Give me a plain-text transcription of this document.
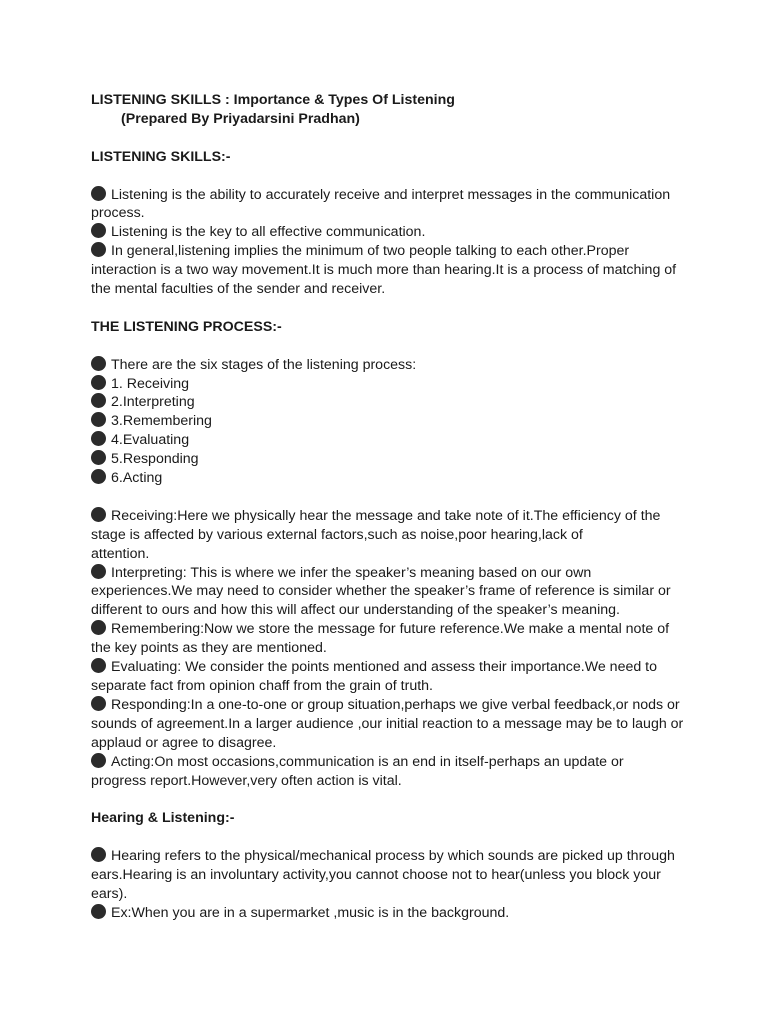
LISTENING SKILLS : Importance & Types Of Listening
(Prepared By Priyadarsini Pradhan)
LISTENING SKILLS:-
Listening is the ability to accurately receive and interpret messages in the communication
process.
Listening is the key to all effective communication.
In general,listening implies the minimum of two people talking to each other.Proper
interaction is a two way movement.It is much more than hearing.It is a process of matching of
the mental faculties of the sender and receiver.
THE LISTENING PROCESS:-
There are the six stages of the listening process:
1. Receiving
2.Interpreting
3.Remembering
4.Evaluating
5.Responding
6.Acting
Receiving:Here we physically hear the message and take note of it.The efficiency of the
stage is affected by various external factors,such as noise,poor hearing,lack of
attention.
Interpreting: This is where we infer the speaker’s meaning based on our own
experiences.We may need to consider whether the speaker’s frame of reference is similar or
different to ours and how this will affect our understanding of the speaker’s meaning.
Remembering:Now we store the message for future reference.We make a mental note of
the key points as they are mentioned.
Evaluating: We consider the points mentioned and assess their importance.We need to
separate fact from opinion chaff from the grain of truth.
Responding:In a one-to-one or group situation,perhaps we give verbal feedback,or nods or
sounds of agreement.In a larger audience ,our initial reaction to a message may be to laugh or
applaud or agree to disagree.
Acting:On most occasions,communication is an end in itself-perhaps an update or
progress report.However,very often action is vital.
Hearing & Listening:-
Hearing refers to the physical/mechanical process by which sounds are picked up through
ears.Hearing is an involuntary activity,you cannot choose not to hear(unless you block your
ears).
Ex:When you are in a supermarket ,music is in the background.
